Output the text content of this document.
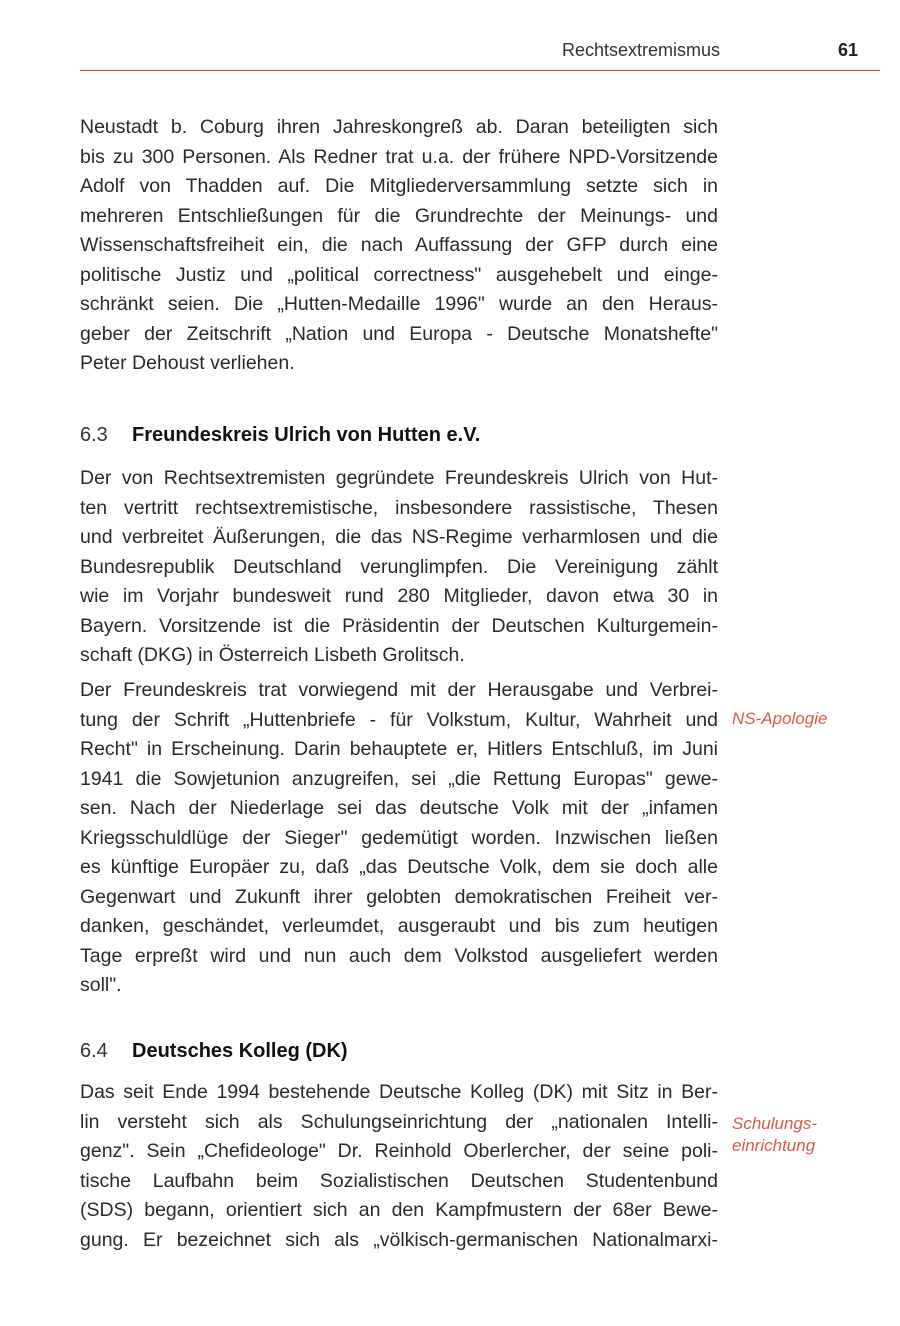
Rechtsextremismus	61
Neustadt b. Coburg ihren Jahreskongreß ab. Daran beteiligten sich
bis zu 300 Personen. Als Redner trat u.a. der frühere NPD-Vorsitzende
Adolf von Thadden auf. Die Mitgliederversammlung setzte sich in
mehreren Entschließungen für die Grundrechte der Meinungs- und
Wissenschaftsfreiheit ein, die nach Auffassung der GFP durch eine
politische Justiz und „political correctness" ausgehebelt und einge-
schränkt seien. Die „Hutten-Medaille 1996" wurde an den Heraus-
geber der Zeitschrift „Nation und Europa - Deutsche Monatshefte"
Peter Dehoust verliehen.
6.3	Freundeskreis Ulrich von Hutten e.V.
Der von Rechtsextremisten gegründete Freundeskreis Ulrich von Hut-
ten vertritt rechtsextremistische, insbesondere rassistische, Thesen
und verbreitet Äußerungen, die das NS-Regime verharmlosen und die
Bundesrepublik Deutschland verunglimpfen. Die Vereinigung zählt
wie im Vorjahr bundesweit rund 280 Mitglieder, davon etwa 30 in
Bayern. Vorsitzende ist die Präsidentin der Deutschen Kulturgemein-
schaft (DKG) in Österreich Lisbeth Grolitsch.
Der Freundeskreis trat vorwiegend mit der Herausgabe und Verbrei-
tung der Schrift „Huttenbriefe - für Volkstum, Kultur, Wahrheit und
Recht" in Erscheinung. Darin behauptete er, Hitlers Entschluß, im Juni
1941 die Sowjetunion anzugreifen, sei „die Rettung Europas" gewe-
sen. Nach der Niederlage sei das deutsche Volk mit der „infamen
Kriegsschuldlüge der Sieger" gedemütigt worden. Inzwischen ließen
es künftige Europäer zu, daß „das Deutsche Volk, dem sie doch alle
Gegenwart und Zukunft ihrer gelobten demokratischen Freiheit ver-
danken, geschändet, verleumdet, ausgeraubt und bis zum heutigen
Tage erpreßt wird und nun auch dem Volkstod ausgeliefert werden
soll".
NS-Apologie
6.4	Deutsches Kolleg (DK)
Das seit Ende 1994 bestehende Deutsche Kolleg (DK) mit Sitz in Ber-
lin versteht sich als Schulungseinrichtung der „nationalen Intelli-
genz". Sein „Chefideologe" Dr. Reinhold Oberlercher, der seine poli-
tische Laufbahn beim Sozialistischen Deutschen Studentenbund
(SDS) begann, orientiert sich an den Kampfmustern der 68er Bewe-
gung. Er bezeichnet sich als „völkisch-germanischen Nationalmarxi-
Schulungs-
einrichtung
